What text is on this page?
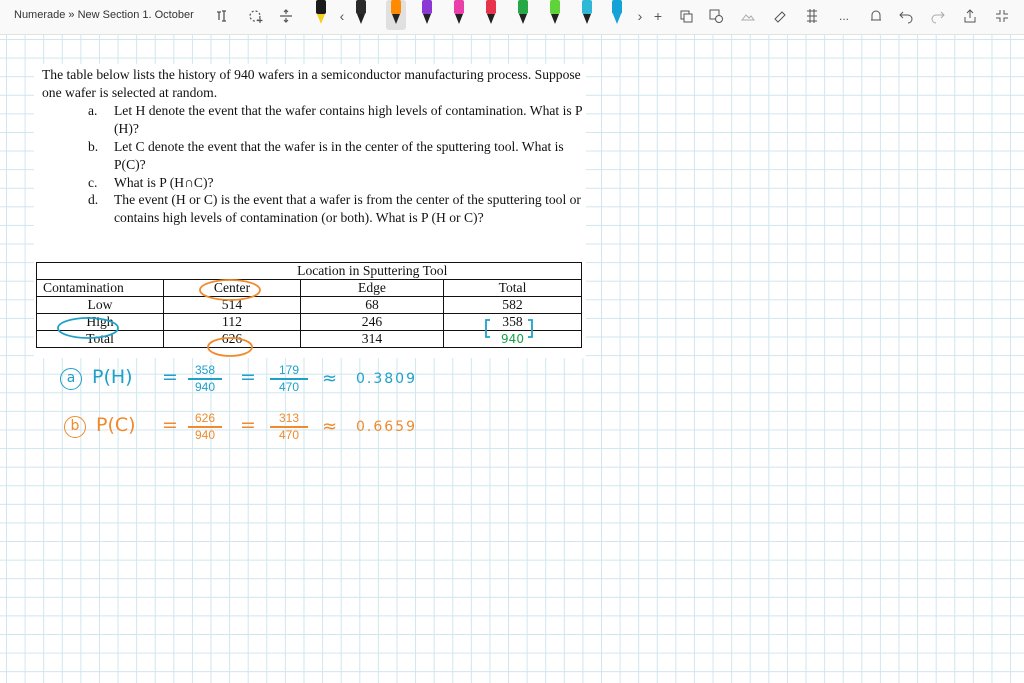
Numerade » New Section 1. October	‹	› +	...
The table below lists the history of 940 wafers in a semiconductor manufacturing process. Suppose one wafer is selected at random.
a.	Let H denote the event that the wafer contains high levels of contamination. What is P (H)?
b.	Let C denote the event that the wafer is in the center of the sputtering tool. What is P(C)?
c.	What is P (H∩C)?
d.	The event (H or C) is the event that a wafer is from the center of the sputtering tool or contains high levels of contamination (or both). What is P (H or C)?
	Location in Sputtering Tool		
Contamination	Center	Edge	Total
Low	514	68	582
High	112	246	358
Total	626	314	940
a P(H) = 358
940 = 179
470 ≈ 0.3809
b P(C) = 626
940 = 313
470 ≈ 0.6659
